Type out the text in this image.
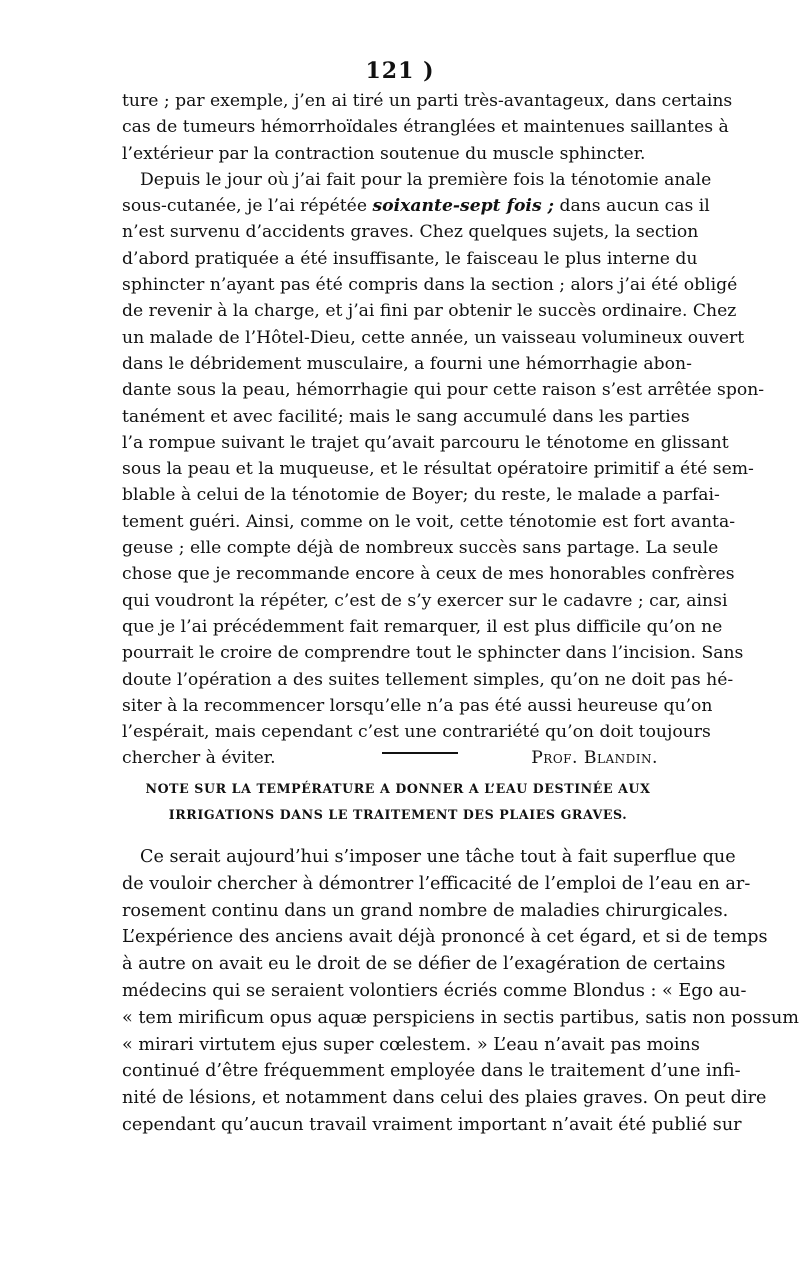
121 )
ture ; par exemple, j’en ai tiré un parti très-avantageux, dans certains
cas de tumeurs hémorrhoïdales étranglées et maintenues saillantes à
l’extérieur par la contraction soutenue du muscle sphincter.
Depuis le jour où j’ai fait pour la première fois la ténotomie anale
sous-cutanée, je l’ai répétée soixante-sept fois ; dans aucun cas il
n’est survenu d’accidents graves. Chez quelques sujets, la section
d’abord pratiquée a été insuffisante, le faisceau le plus interne du
sphincter n’ayant pas été compris dans la section ; alors j’ai été obligé
de revenir à la charge, et j’ai fini par obtenir le succès ordinaire. Chez
un malade de l’Hôtel-Dieu, cette année, un vaisseau volumineux ouvert
dans le débridement musculaire, a fourni une hémorrhagie abon-
dante sous la peau, hémorrhagie qui pour cette raison s’est arrêtée spon-
tanément et avec facilité; mais le sang accumulé dans les parties
l’a rompue suivant le trajet qu’avait parcouru le ténotome en glissant
sous la peau et la muqueuse, et le résultat opératoire primitif a été sem-
blable à celui de la ténotomie de Boyer; du reste, le malade a parfai-
tement guéri. Ainsi, comme on le voit, cette ténotomie est fort avanta-
geuse ; elle compte déjà de nombreux succès sans partage. La seule
chose que je recommande encore à ceux de mes honorables confrères
qui voudront la répéter, c’est de s’y exercer sur le cadavre ; car, ainsi
que je l’ai précédemment fait remarquer, il est plus difficile qu’on ne
pourrait le croire de comprendre tout le sphincter dans l’incision. Sans
doute l’opération a des suites tellement simples, qu’on ne doit pas hé-
siter à la recommencer lorsqu’elle n’a pas été aussi heureuse qu’on
l’espérait, mais cependant c’est une contrariété qu’on doit toujours
chercher à éviter.	Prof. Blandin.
NOTE SUR LA TEMPÉRATURE A DONNER A L’EAU DESTINÉE AUX
IRRIGATIONS DANS LE TRAITEMENT DES PLAIES GRAVES.
Ce serait aujourd’hui s’imposer une tâche tout à fait superflue que
de vouloir chercher à démontrer l’efficacité de l’emploi de l’eau en ar-
rosement continu dans un grand nombre de maladies chirurgicales.
L’expérience des anciens avait déjà prononcé à cet égard, et si de temps
à autre on avait eu le droit de se défier de l’exagération de certains
médecins qui se seraient volontiers écriés comme Blondus : « Ego au-
« tem mirificum opus aquæ perspiciens in sectis partibus, satis non possum
« mirari virtutem ejus super cœlestem. » L’eau n’avait pas moins
continué d’être fréquemment employée dans le traitement d’une infi-
nité de lésions, et notamment dans celui des plaies graves. On peut dire
cependant qu’aucun travail vraiment important n’avait été publié sur
